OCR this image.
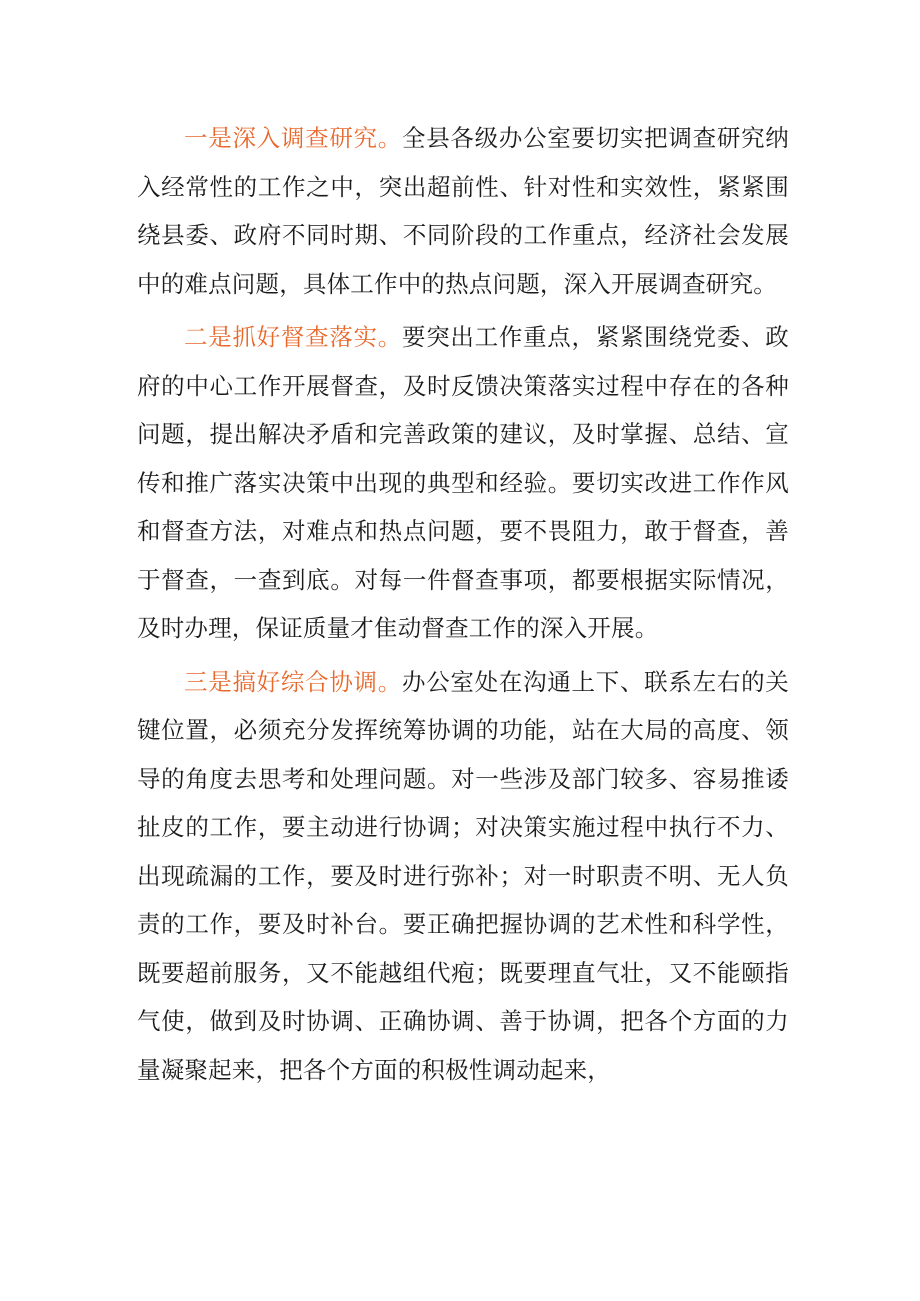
一是深入调查研究。全县各级办公室要切实把调查研究纳入经常性的工作之中，突出超前性、针对性和实效性，紧紧围绕县委、政府不同时期、不同阶段的工作重点，经济社会发展中的难点问题，具体工作中的热点问题，深入开展调查研究。

二是抓好督查落实。要突出工作重点，紧紧围绕党委、政府的中心工作开展督查，及时反馈决策落实过程中存在的各种问题，提出解决矛盾和完善政策的建议，及时掌握、总结、宣传和推广落实决策中出现的典型和经验。要切实改进工作作风和督查方法，对难点和热点问题，要不畏阻力，敢于督查，善于督查，一查到底。对每一件督查事项，都要根据实际情况，及时办理，保证质量才隹动督查工作的深入开展。

三是搞好综合协调。办公室处在沟通上下、联系左右的关键位置，必须充分发挥统筹协调的功能，站在大局的高度、领导的角度去思考和处理问题。对一些涉及部门较多、容易推诿扯皮的工作，要主动进行协调；对决策实施过程中执行不力、出现疏漏的工作，要及时进行弥补；对一时职责不明、无人负责的工作，要及时补台。要正确把握协调的艺术性和科学性，既要超前服务，又不能越组代疱；既要理直气壮，又不能颐指气使，做到及时协调、正确协调、善于协调，把各个方面的力量凝聚起来，把各个方面的积极性调动起来，
